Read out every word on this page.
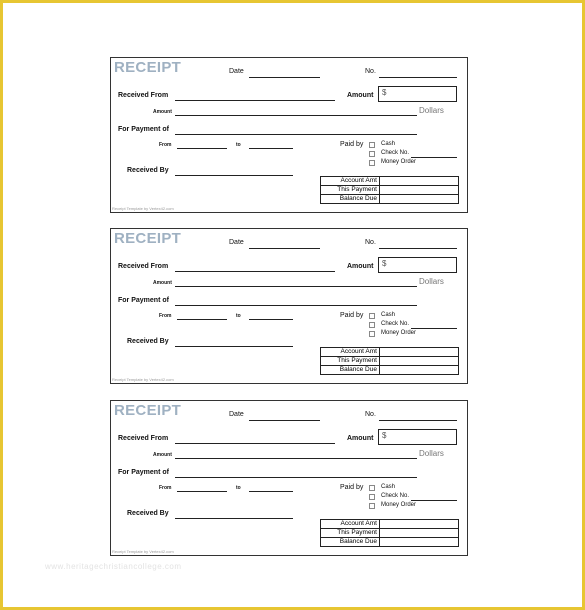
RECEIPT	Date	No.
Received From	Amount $
Amount	Dollars
For Payment of
From	to	Paid by	Cash
Check No.
Money Order
Received By
Account Amt	
This Payment	
Balance Due	
Receipt Template by Vertex42.com
RECEIPT	Date	No.
Received From	Amount $
Amount	Dollars
For Payment of
From	to	Paid by	Cash
Check No.
Money Order
Received By
Account Amt	
This Payment	
Balance Due	
Receipt Template by Vertex42.com
RECEIPT	Date	No.
Received From	Amount $
Amount	Dollars
For Payment of
From	to	Paid by	Cash
Check No.
Money Order
Received By
Account Amt	
This Payment	
Balance Due	
Receipt Template by Vertex42.com
www.heritagechristiancollege.com
